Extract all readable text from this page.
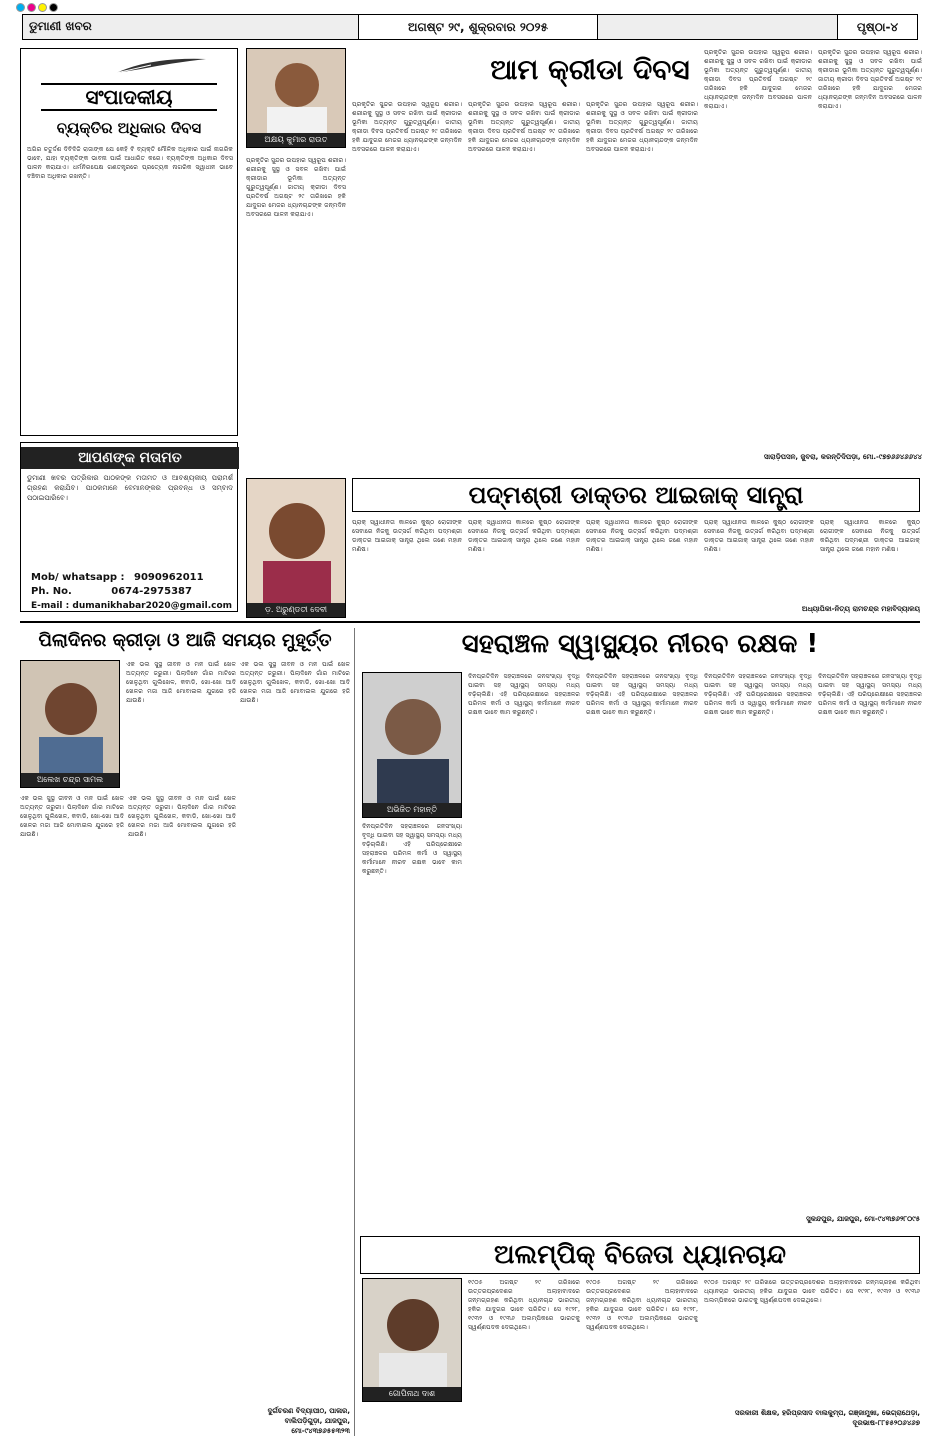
ଡୁମାଣୀ ଖବର	ଅଗଷ୍ଟ ୨୯, ଶୁକ୍ରବାର ୨୦୨୫	ପୃଷ୍ଠା-୪
ସଂପାଦକୀୟ
ବ୍ୟକ୍ତିର ଅଧିକାର ଦିବସ
ଅଗିର ଚତୁର୍ଦ୍ଦଶ ଦିବିଦିଜି ରାଜାଙ୍କ ଯେ କେହି ବି ବ୍ୟକ୍ତି ମୌଳିକ ଅଧିକାର ପାଇଁ ନାଗରିକ ଭାବେ, ଯାହା ବ୍ୟକ୍ତିଙ୍କ ଭାବନା ପାଇଁ ଆଧାରିତ କରେ। ବ୍ୟକ୍ତିଙ୍କ ଅଧିକାର ଦିବସ ପାଳନ କରାଯାଏ। ଧର୍ମନିରପେକ୍ଷ ଗଣତନ୍ତ୍ରରେ ପ୍ରତ୍ୟେକ ନାଗରିକ ସ୍ୱାଧୀନ ଭାବେ ବଞ୍ଚିବାର ଅଧିକାର ରଖନ୍ତି।
ଆପଣଙ୍କ ମତାମତ
ଡୁମାଣୀ ଖବର ପତ୍ରିକାର ପାଠକଙ୍କ ମତାମତ ଓ ଆବଶ୍ୟକୀୟ ପରାମର୍ଶ ଗ୍ରହଣ କରାଯିବ। ପାଠକମାନେ ବେମାନଙ୍କର ପ୍ରବନ୍ଧ ଓ ସମ୍ବାଦ ପଠାଇପାରିବେ।
Mob/ whatsapp : 9090962011
Ph. No.	0674-2975387
E-mail : dumanikhabar2020@gmail.com
ଅକ୍ଷୟ କୁମାର ରାଉତ
ଆମ କ୍ରୀଡା ଦିବସ
ପ୍ରକୃତିର ସୁନ୍ଦର ଉପହାର ସ୍ୱରୂପ ଶରୀର। ଶରୀରକୁ ସୁସ୍ଥ ଓ ସବଳ ରଖିବା ପାଇଁ କ୍ରୀଡାର ଭୂମିକା ଅତ୍ୟନ୍ତ ଗୁରୁତ୍ୱପୂର୍ଣ୍ଣ। ଜାତୀୟ କ୍ରୀଡା ଦିବସ ପ୍ରତିବର୍ଷ ଅଗଷ୍ଟ ୨୯ ତାରିଖରେ ହକି ଯାଦୁଗର ମେଜର ଧ୍ୟାନଚାନ୍ଦଙ୍କ ଜନ୍ମଦିନ ଅବସରରେ ପାଳନ କରାଯାଏ।
ପ୍ରକୃତିର ସୁନ୍ଦର ଉପହାର ସ୍ୱରୂପ ଶରୀର। ଶରୀରକୁ ସୁସ୍ଥ ଓ ସବଳ ରଖିବା ପାଇଁ କ୍ରୀଡାର ଭୂମିକା ଅତ୍ୟନ୍ତ ଗୁରୁତ୍ୱପୂର୍ଣ୍ଣ। ଜାତୀୟ କ୍ରୀଡା ଦିବସ ପ୍ରତିବର୍ଷ ଅଗଷ୍ଟ ୨୯ ତାରିଖରେ ହକି ଯାଦୁଗର ମେଜର ଧ୍ୟାନଚାନ୍ଦଙ୍କ ଜନ୍ମଦିନ ଅବସରରେ ପାଳନ କରାଯାଏ।
ପ୍ରକୃତିର ସୁନ୍ଦର ଉପହାର ସ୍ୱରୂପ ଶରୀର। ଶରୀରକୁ ସୁସ୍ଥ ଓ ସବଳ ରଖିବା ପାଇଁ କ୍ରୀଡାର ଭୂମିକା ଅତ୍ୟନ୍ତ ଗୁରୁତ୍ୱପୂର୍ଣ୍ଣ। ଜାତୀୟ କ୍ରୀଡା ଦିବସ ପ୍ରତିବର୍ଷ ଅଗଷ୍ଟ ୨୯ ତାରିଖରେ ହକି ଯାଦୁଗର ମେଜର ଧ୍ୟାନଚାନ୍ଦଙ୍କ ଜନ୍ମଦିନ ଅବସରରେ ପାଳନ କରାଯାଏ।
ପ୍ରକୃତିର ସୁନ୍ଦର ଉପହାର ସ୍ୱରୂପ ଶରୀର। ଶରୀରକୁ ସୁସ୍ଥ ଓ ସବଳ ରଖିବା ପାଇଁ କ୍ରୀଡାର ଭୂମିକା ଅତ୍ୟନ୍ତ ଗୁରୁତ୍ୱପୂର୍ଣ୍ଣ। ଜାତୀୟ କ୍ରୀଡା ଦିବସ ପ୍ରତିବର୍ଷ ଅଗଷ୍ଟ ୨୯ ତାରିଖରେ ହକି ଯାଦୁଗର ମେଜର ଧ୍ୟାନଚାନ୍ଦଙ୍କ ଜନ୍ମଦିନ ଅବସରରେ ପାଳନ କରାଯାଏ।
ପ୍ରକୃତିର ସୁନ୍ଦର ଉପହାର ସ୍ୱରୂପ ଶରୀର। ଶରୀରକୁ ସୁସ୍ଥ ଓ ସବଳ ରଖିବା ପାଇଁ କ୍ରୀଡାର ଭୂମିକା ଅତ୍ୟନ୍ତ ଗୁରୁତ୍ୱପୂର୍ଣ୍ଣ। ଜାତୀୟ କ୍ରୀଡା ଦିବସ ପ୍ରତିବର୍ଷ ଅଗଷ୍ଟ ୨୯ ତାରିଖରେ ହକି ଯାଦୁଗର ମେଜର ଧ୍ୟାନଚାନ୍ଦଙ୍କ ଜନ୍ମଦିନ ଅବସରରେ ପାଳନ କରାଯାଏ।
ପ୍ରକୃତିର ସୁନ୍ଦର ଉପହାର ସ୍ୱରୂପ ଶରୀର। ଶରୀରକୁ ସୁସ୍ଥ ଓ ସବଳ ରଖିବା ପାଇଁ କ୍ରୀଡାର ଭୂମିକା ଅତ୍ୟନ୍ତ ଗୁରୁତ୍ୱପୂର୍ଣ୍ଣ। ଜାତୀୟ କ୍ରୀଡା ଦିବସ ପ୍ରତିବର୍ଷ ଅଗଷ୍ଟ ୨୯ ତାରିଖରେ ହକି ଯାଦୁଗର ମେଜର ଧ୍ୟାନଚାନ୍ଦଙ୍କ ଜନ୍ମଦିନ ଅବସରରେ ପାଳନ କରାଯାଏ।
ସାରାଡ଼ିପସନ, ଜୁବରା, କରନ୍ତିଦିପଡ଼ା, ମୋ.-୯୭୭୬୬୪୬୬୪୪
ଡ଼. ଅରୁଣ୍ଡତୀ ଦେବୀ
ପଦ୍ମଶ୍ରୀ ଡାକ୍ତର ଆଇଜାକ୍ ସାନ୍ତ୍ରା
ପ୍ରାକ୍ ସ୍ୱାଧୀନତା କାଳରେ କୁଷ୍ଠ ରୋଗୀଙ୍କ ସେବାରେ ନିଜକୁ ଉତ୍ସର୍ଗ କରିଥିବା ପଦ୍ମଶ୍ରୀ ଡାକ୍ତର ଆଇଜାକ୍ ସାନ୍ତ୍ରା ଥିଲେ ଜଣେ ମହାନ ମଣିଷ।
ପ୍ରାକ୍ ସ୍ୱାଧୀନତା କାଳରେ କୁଷ୍ଠ ରୋଗୀଙ୍କ ସେବାରେ ନିଜକୁ ଉତ୍ସର୍ଗ କରିଥିବା ପଦ୍ମଶ୍ରୀ ଡାକ୍ତର ଆଇଜାକ୍ ସାନ୍ତ୍ରା ଥିଲେ ଜଣେ ମହାନ ମଣିଷ।
ପ୍ରାକ୍ ସ୍ୱାଧୀନତା କାଳରେ କୁଷ୍ଠ ରୋଗୀଙ୍କ ସେବାରେ ନିଜକୁ ଉତ୍ସର୍ଗ କରିଥିବା ପଦ୍ମଶ୍ରୀ ଡାକ୍ତର ଆଇଜାକ୍ ସାନ୍ତ୍ରା ଥିଲେ ଜଣେ ମହାନ ମଣିଷ।
ପ୍ରାକ୍ ସ୍ୱାଧୀନତା କାଳରେ କୁଷ୍ଠ ରୋଗୀଙ୍କ ସେବାରେ ନିଜକୁ ଉତ୍ସର୍ଗ କରିଥିବା ପଦ୍ମଶ୍ରୀ ଡାକ୍ତର ଆଇଜାକ୍ ସାନ୍ତ୍ରା ଥିଲେ ଜଣେ ମହାନ ମଣିଷ।
ପ୍ରାକ୍ ସ୍ୱାଧୀନତା କାଳରେ କୁଷ୍ଠ ରୋଗୀଙ୍କ ସେବାରେ ନିଜକୁ ଉତ୍ସର୍ଗ କରିଥିବା ପଦ୍ମଶ୍ରୀ ଡାକ୍ତର ଆଇଜାକ୍ ସାନ୍ତ୍ରା ଥିଲେ ଜଣେ ମହାନ ମଣିଷ।
ଅଧ୍ୟାପିକା-ନିତ୍ୟ ରାମଚନ୍ଦ୍ର ମହାବିଦ୍ୟାଳୟ
ପିଲାଦିନର କ୍ରୀଡ଼ା ଓ ଆଜି ସମୟର ମୁହୂର୍ତ୍ତ
ଅଲେଖ ଚନ୍ଦ୍ର ସାମଲ
ଏକ ଭଲ ସୁସ୍ଥ ଜୀବନ ଓ ମନ ପାଇଁ ଖେଳ ଅତ୍ୟନ୍ତ ଜରୁରୀ। ପିଲାଦିନେ ଗାଁର ମାଟିରେ ଖେଳୁଥିବା ଗୁଲିଖେଳ, କବାଡି, ଖୋ-ଖୋ ଆଦି ଖେଳର ମଜା ଆଜି ମୋବାଇଲ ଯୁଗରେ ହଜି ଯାଉଛି।
ଏକ ଭଲ ସୁସ୍ଥ ଜୀବନ ଓ ମନ ପାଇଁ ଖେଳ ଅତ୍ୟନ୍ତ ଜରୁରୀ। ପିଲାଦିନେ ଗାଁର ମାଟିରେ ଖେଳୁଥିବା ଗୁଲିଖେଳ, କବାଡି, ଖୋ-ଖୋ ଆଦି ଖେଳର ମଜା ଆଜି ମୋବାଇଲ ଯୁଗରେ ହଜି ଯାଉଛି।
ଏକ ଭଲ ସୁସ୍ଥ ଜୀବନ ଓ ମନ ପାଇଁ ଖେଳ ଅତ୍ୟନ୍ତ ଜରୁରୀ। ପିଲାଦିନେ ଗାଁର ମାଟିରେ ଖେଳୁଥିବା ଗୁଲିଖେଳ, କବାଡି, ଖୋ-ଖୋ ଆଦି ଖେଳର ମଜା ଆଜି ମୋବାଇଲ ଯୁଗରେ ହଜି ଯାଉଛି।
ଏକ ଭଲ ସୁସ୍ଥ ଜୀବନ ଓ ମନ ପାଇଁ ଖେଳ ଅତ୍ୟନ୍ତ ଜରୁରୀ। ପିଲାଦିନେ ଗାଁର ମାଟିରେ ଖେଳୁଥିବା ଗୁଲିଖେଳ, କବାଡି, ଖୋ-ଖୋ ଆଦି ଖେଳର ମଜା ଆଜି ମୋବାଇଲ ଯୁଗରେ ହଜି ଯାଉଛି।
ଦୁର୍ଗଚରଣ ବିଦ୍ୟାପୀଠ, ପାଳାର, ବାଲିପଡ଼ିଗୁଡ଼ା, ଯାଜପୁର, ମୋ-୯୪୩୭୬୫୫୩୨୩
ସହରାଞ୍ଚଳ ସ୍ୱାସ୍ଥ୍ୟର ନୀରବ ରକ୍ଷକ !
ଅଭିଜିତ ମହାନ୍ତି
ଦିନପ୍ରତିଦିନ ସହରାଞ୍ଚଳରେ ଜନସଂଖ୍ୟା ବୃଦ୍ଧି ପାଇବା ସହ ସ୍ୱାସ୍ଥ୍ୟ ସମସ୍ୟା ମଧ୍ୟ ବଢ଼ିଚାଲିଛି। ଏହି ପରିପ୍ରେକ୍ଷୀରେ ସହରାଞ୍ଚଳର ପରିମଳ କର୍ମୀ ଓ ସ୍ୱାସ୍ଥ୍ୟ କର୍ମୀମାନେ ନୀରବ ରକ୍ଷକ ଭାବେ କାମ କରୁଛନ୍ତି।
ଦିନପ୍ରତିଦିନ ସହରାଞ୍ଚଳରେ ଜନସଂଖ୍ୟା ବୃଦ୍ଧି ପାଇବା ସହ ସ୍ୱାସ୍ଥ୍ୟ ସମସ୍ୟା ମଧ୍ୟ ବଢ଼ିଚାଲିଛି। ଏହି ପରିପ୍ରେକ୍ଷୀରେ ସହରାଞ୍ଚଳର ପରିମଳ କର୍ମୀ ଓ ସ୍ୱାସ୍ଥ୍ୟ କର୍ମୀମାନେ ନୀରବ ରକ୍ଷକ ଭାବେ କାମ କରୁଛନ୍ତି।
ଦିନପ୍ରତିଦିନ ସହରାଞ୍ଚଳରେ ଜନସଂଖ୍ୟା ବୃଦ୍ଧି ପାଇବା ସହ ସ୍ୱାସ୍ଥ୍ୟ ସମସ୍ୟା ମଧ୍ୟ ବଢ଼ିଚାଲିଛି। ଏହି ପରିପ୍ରେକ୍ଷୀରେ ସହରାଞ୍ଚଳର ପରିମଳ କର୍ମୀ ଓ ସ୍ୱାସ୍ଥ୍ୟ କର୍ମୀମାନେ ନୀରବ ରକ୍ଷକ ଭାବେ କାମ କରୁଛନ୍ତି।
ଦିନପ୍ରତିଦିନ ସହରାଞ୍ଚଳରେ ଜନସଂଖ୍ୟା ବୃଦ୍ଧି ପାଇବା ସହ ସ୍ୱାସ୍ଥ୍ୟ ସମସ୍ୟା ମଧ୍ୟ ବଢ଼ିଚାଲିଛି। ଏହି ପରିପ୍ରେକ୍ଷୀରେ ସହରାଞ୍ଚଳର ପରିମଳ କର୍ମୀ ଓ ସ୍ୱାସ୍ଥ୍ୟ କର୍ମୀମାନେ ନୀରବ ରକ୍ଷକ ଭାବେ କାମ କରୁଛନ୍ତି।
ଦିନପ୍ରତିଦିନ ସହରାଞ୍ଚଳରେ ଜନସଂଖ୍ୟା ବୃଦ୍ଧି ପାଇବା ସହ ସ୍ୱାସ୍ଥ୍ୟ ସମସ୍ୟା ମଧ୍ୟ ବଢ଼ିଚାଲିଛି। ଏହି ପରିପ୍ରେକ୍ଷୀରେ ସହରାଞ୍ଚଳର ପରିମଳ କର୍ମୀ ଓ ସ୍ୱାସ୍ଥ୍ୟ କର୍ମୀମାନେ ନୀରବ ରକ୍ଷକ ଭାବେ କାମ କରୁଛନ୍ତି।
ସୁକନ୍ଦପୁର, ଯାଜପୁର, ମୋ-୯୪୩୭୬୨୮୦୯୫
ଅଲମ୍ପିକ୍ ବିଜେତା ଧ୍ୟାନଚାନ୍ଦ
ଗୋପିନାଥ ଦାଶ
୧୯୦୫ ଅଗଷ୍ଟ ୨୯ ତାରିଖରେ ଉତ୍ତରପ୍ରଦେଶର ଅଲାହାବାଦରେ ଜନ୍ମଗ୍ରହଣ କରିଥିବା ଧ୍ୟାନଚାନ୍ଦ ଭାରତୀୟ ହକିର ଯାଦୁଗର ଭାବେ ପରିଚିତ। ସେ ୧୯୨୮, ୧୯୩୨ ଓ ୧୯୩୬ ଅଲମ୍ପିକରେ ଭାରତକୁ ସ୍ୱର୍ଣ୍ଣପଦକ ଦେଇଥିଲେ।
୧୯୦୫ ଅଗଷ୍ଟ ୨୯ ତାରିଖରେ ଉତ୍ତରପ୍ରଦେଶର ଅଲାହାବାଦରେ ଜନ୍ମଗ୍ରହଣ କରିଥିବା ଧ୍ୟାନଚାନ୍ଦ ଭାରତୀୟ ହକିର ଯାଦୁଗର ଭାବେ ପରିଚିତ। ସେ ୧୯୨୮, ୧୯୩୨ ଓ ୧୯୩୬ ଅଲମ୍ପିକରେ ଭାରତକୁ ସ୍ୱର୍ଣ୍ଣପଦକ ଦେଇଥିଲେ।
୧୯୦୫ ଅଗଷ୍ଟ ୨୯ ତାରିଖରେ ଉତ୍ତରପ୍ରଦେଶର ଅଲାହାବାଦରେ ଜନ୍ମଗ୍ରହଣ କରିଥିବା ଧ୍ୟାନଚାନ୍ଦ ଭାରତୀୟ ହକିର ଯାଦୁଗର ଭାବେ ପରିଚିତ। ସେ ୧୯୨୮, ୧୯୩୨ ଓ ୧୯୩୬ ଅଲମ୍ପିକରେ ଭାରତକୁ ସ୍ୱର୍ଣ୍ଣପଦକ ଦେଇଥିଲେ।
ସରକାରୀ ଶିକ୍ଷକ, ହରିପ୍ରସାଦ ବାଲକୁମ୍ପ, ଗଞ୍ଜାମୁଖା, ଭେଗ୍ରାଥେଡ଼ା, ଦୂରଭାଷ-୮୮୫୫୨୦୬୪୬୭
